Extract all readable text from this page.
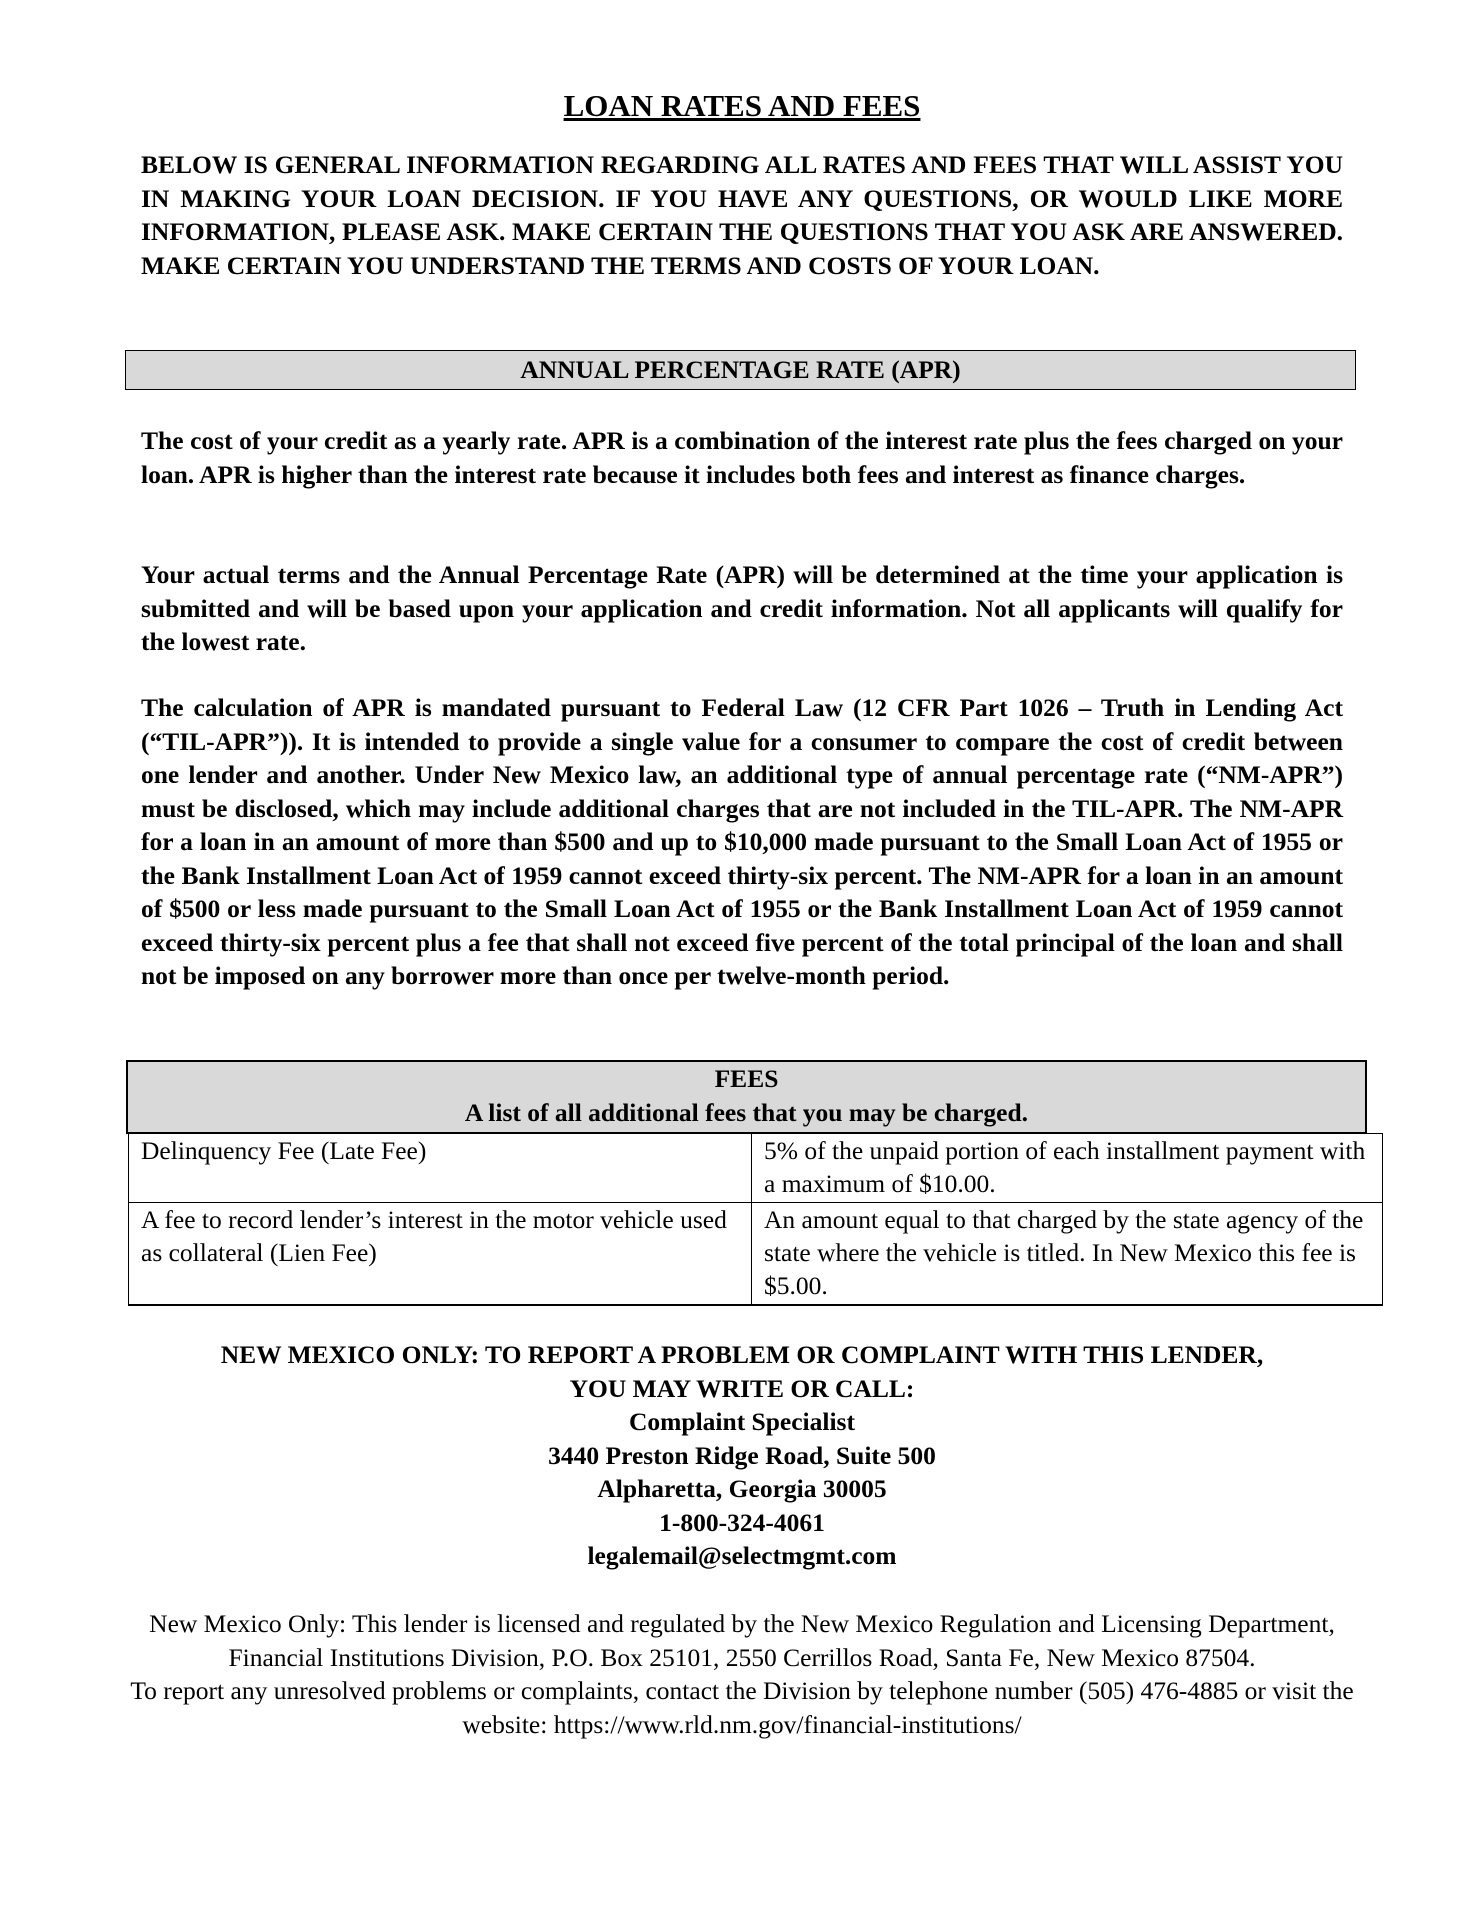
LOAN RATES AND FEES
BELOW IS GENERAL INFORMATION REGARDING ALL RATES AND FEES THAT WILL ASSIST YOU IN MAKING YOUR LOAN DECISION. IF YOU HAVE ANY QUESTIONS, OR WOULD LIKE MORE INFORMATION, PLEASE ASK. MAKE CERTAIN THE QUESTIONS THAT YOU ASK ARE ANSWERED. MAKE CERTAIN YOU UNDERSTAND THE TERMS AND COSTS OF YOUR LOAN.
ANNUAL PERCENTAGE RATE (APR)
The cost of your credit as a yearly rate. APR is a combination of the interest rate plus the fees charged on your loan. APR is higher than the interest rate because it includes both fees and interest as finance charges.
Your actual terms and the Annual Percentage Rate (APR) will be determined at the time your application is submitted and will be based upon your application and credit information. Not all applicants will qualify for the lowest rate.
The calculation of APR is mandated pursuant to Federal Law (12 CFR Part 1026 – Truth in Lending Act (“TIL-APR”)). It is intended to provide a single value for a consumer to compare the cost of credit between one lender and another. Under New Mexico law, an additional type of annual percentage rate (“NM-APR”) must be disclosed, which may include additional charges that are not included in the TIL-APR. The NM-APR for a loan in an amount of more than $500 and up to $10,000 made pursuant to the Small Loan Act of 1955 or the Bank Installment Loan Act of 1959 cannot exceed thirty-six percent. The NM-APR for a loan in an amount of $500 or less made pursuant to the Small Loan Act of 1955 or the Bank Installment Loan Act of 1959 cannot exceed thirty-six percent plus a fee that shall not exceed five percent of the total principal of the loan and shall not be imposed on any borrower more than once per twelve-month period.
FEES
A list of all additional fees that you may be charged.
Delinquency Fee (Late Fee)	5% of the unpaid portion of each installment payment with a maximum of $10.00.
A fee to record lender’s interest in the motor vehicle used as collateral (Lien Fee)	An amount equal to that charged by the state agency of the state where the vehicle is titled. In New Mexico this fee is $5.00.
NEW MEXICO ONLY: TO REPORT A PROBLEM OR COMPLAINT WITH THIS LENDER,
YOU MAY WRITE OR CALL:
Complaint Specialist
3440 Preston Ridge Road, Suite 500
Alpharetta, Georgia 30005
1-800-324-4061
legalemail@selectmgmt.com
New Mexico Only: This lender is licensed and regulated by the New Mexico Regulation and Licensing Department, Financial Institutions Division, P.O. Box 25101, 2550 Cerrillos Road, Santa Fe, New Mexico 87504.
To report any unresolved problems or complaints, contact the Division by telephone number (505) 476-4885 or visit the website: https://www.rld.nm.gov/financial-institutions/
